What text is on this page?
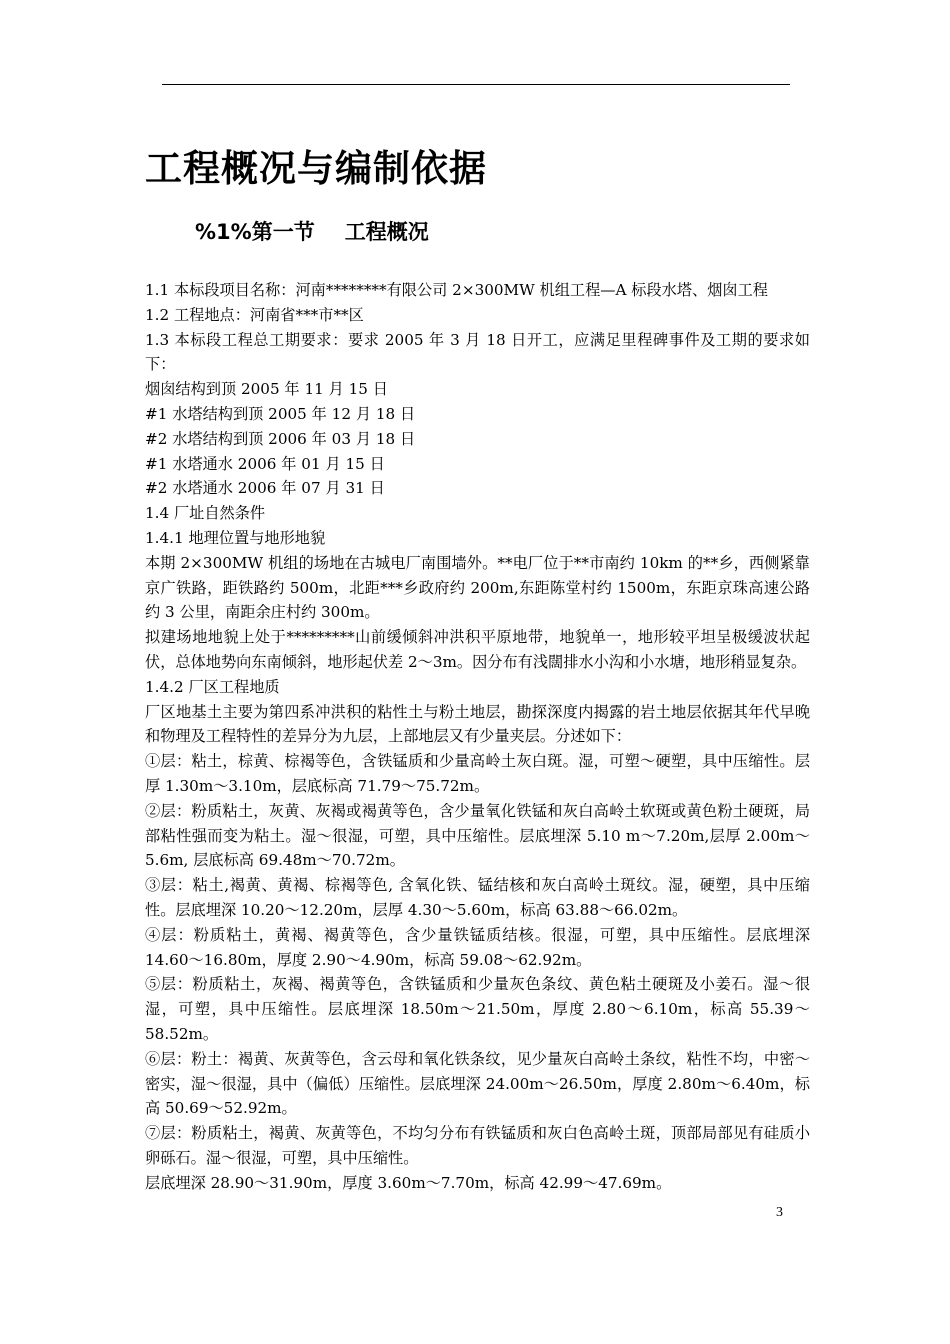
工程概况与编制依据
%1%第一节 工程概况

1.1 本标段项目名称：河南********有限公司 2×300MW 机组工程—A 标段水塔、烟囱工程

1.2 工程地点：河南省***市**区

1.3 本标段工程总工期要求：要求 2005 年 3 月 18 日开工，应满足里程碑事件及工期的要求如下：

烟囱结构到顶 2005 年 11 月 15 日

#1 水塔结构到顶 2005 年 12 月 18 日

#2 水塔结构到顶 2006 年 03 月 18 日

#1 水塔通水 2006 年 01 月 15 日

#2 水塔通水 2006 年 07 月 31 日

1.4 厂址自然条件

1.4.1 地理位置与地形地貌

本期 2×300MW 机组的场地在古城电厂南围墙外。**电厂位于**市南约 10km 的**乡，西侧紧靠京广铁路，距铁路约 500m，北距***乡政府约 200m,东距陈堂村约 1500m，东距京珠高速公路约 3 公里，南距余庄村约 300m。

拟建场地地貌上处于*********山前缓倾斜冲洪积平原地带，地貌单一，地形较平坦呈极缓波状起伏，总体地势向东南倾斜，地形起伏差 2～3m。因分布有浅闊排水小沟和小水塘，地形稍显复杂。

1.4.2 厂区工程地质

厂区地基土主要为第四系冲洪积的粘性土与粉土地层，勘探深度内揭露的岩土地层依据其年代早晚和物理及工程特性的差异分为九层，上部地层又有少量夹层。分述如下：

①层：粘土，棕黄、棕褐等色，含铁锰质和少量高岭土灰白斑。湿，可塑～硬塑，具中压缩性。层厚 1.30m～3.10m，层底标高 71.79～75.72m。

②层：粉质粘土，灰黄、灰褐或褐黄等色，含少量氧化铁锰和灰白高岭土软斑或黄色粉土硬斑，局部粘性强而变为粘土。湿～很湿，可塑，具中压缩性。层底埋深 5.10 m～7.20m,层厚 2.00m～5.6m, 层底标高 69.48m～70.72m。

③层：粘土,褐黄、黄褐、棕褐等色, 含氧化铁、锰结核和灰白高岭土斑纹。湿，硬塑，具中压缩性。层底埋深 10.20～12.20m，层厚 4.30～5.60m，标高 63.88～66.02m。

④层：粉质粘土，黄褐、褐黄等色，含少量铁锰质结核。很湿，可塑，具中压缩性。层底埋深 14.60～16.80m，厚度 2.90～4.90m，标高 59.08～62.92m。

⑤层：粉质粘土，灰褐、褐黄等色，含铁锰质和少量灰色条纹、黄色粘土硬斑及小姜石。湿～很湿，可塑，具中压缩性。层底埋深 18.50m～21.50m，厚度 2.80～6.10m，标高 55.39～58.52m。

⑥层：粉土：褐黄、灰黄等色，含云母和氧化铁条纹，见少量灰白高岭土条纹，粘性不均，中密～密实，湿～很湿，具中（偏低）压缩性。层底埋深 24.00m～26.50m，厚度 2.80m～6.40m，标高 50.69～52.92m。

⑦层：粉质粘土，褐黄、灰黄等色，不均匀分布有铁锰质和灰白色高岭土斑，顶部局部见有硅质小卵砾石。湿～很湿，可塑，具中压缩性。

层底埋深 28.90～31.90m，厚度 3.60m～7.70m，标高 42.99～47.69m。

3
